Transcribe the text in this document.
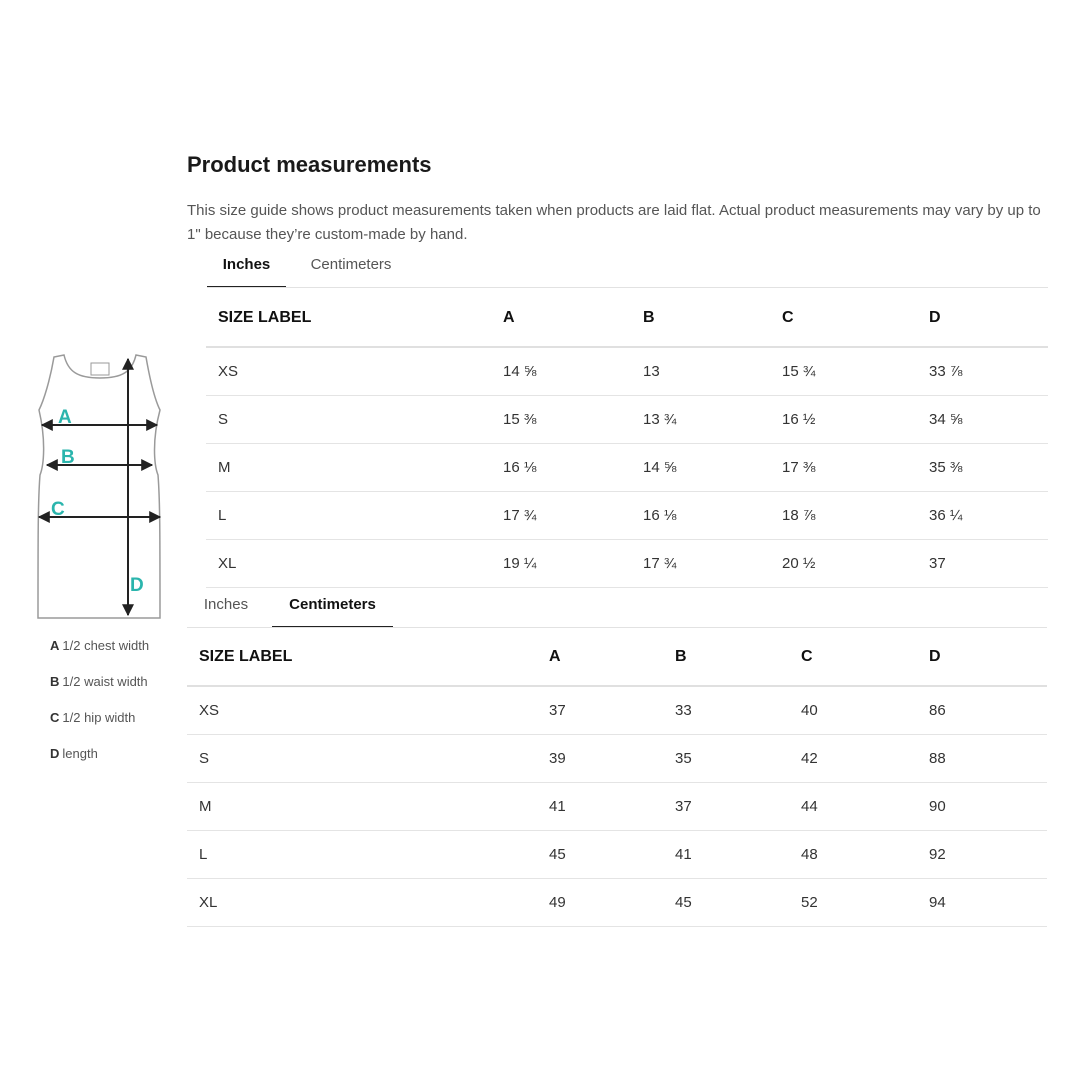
Product measurements

This size guide shows product measurements taken when products are laid flat. Actual product measurements may vary by up to 1" because they’re custom-made by hand.

Inches	Centimeters
SIZE LABEL	A	B	C	D
XS	14 ⅝	13	15 ¾	33 ⅞
S	15 ⅜	13 ¾	16 ½	34 ⅝
M	16 ⅛	14 ⅝	17 ⅜	35 ⅜
L	17 ¾	16 ⅛	18 ⅞	36 ¼
XL	19 ¼	17 ¾	20 ½	37
Inches	Centimeters
SIZE LABEL	A	B	C	D
XS	37	33	40	86
S	39	35	42	88
M	41	37	44	90
L	45	41	48	92
XL	49	45	52	94
A
B
C
D
A 1/2 chest width
B 1/2 waist width
C 1/2 hip width
D length
